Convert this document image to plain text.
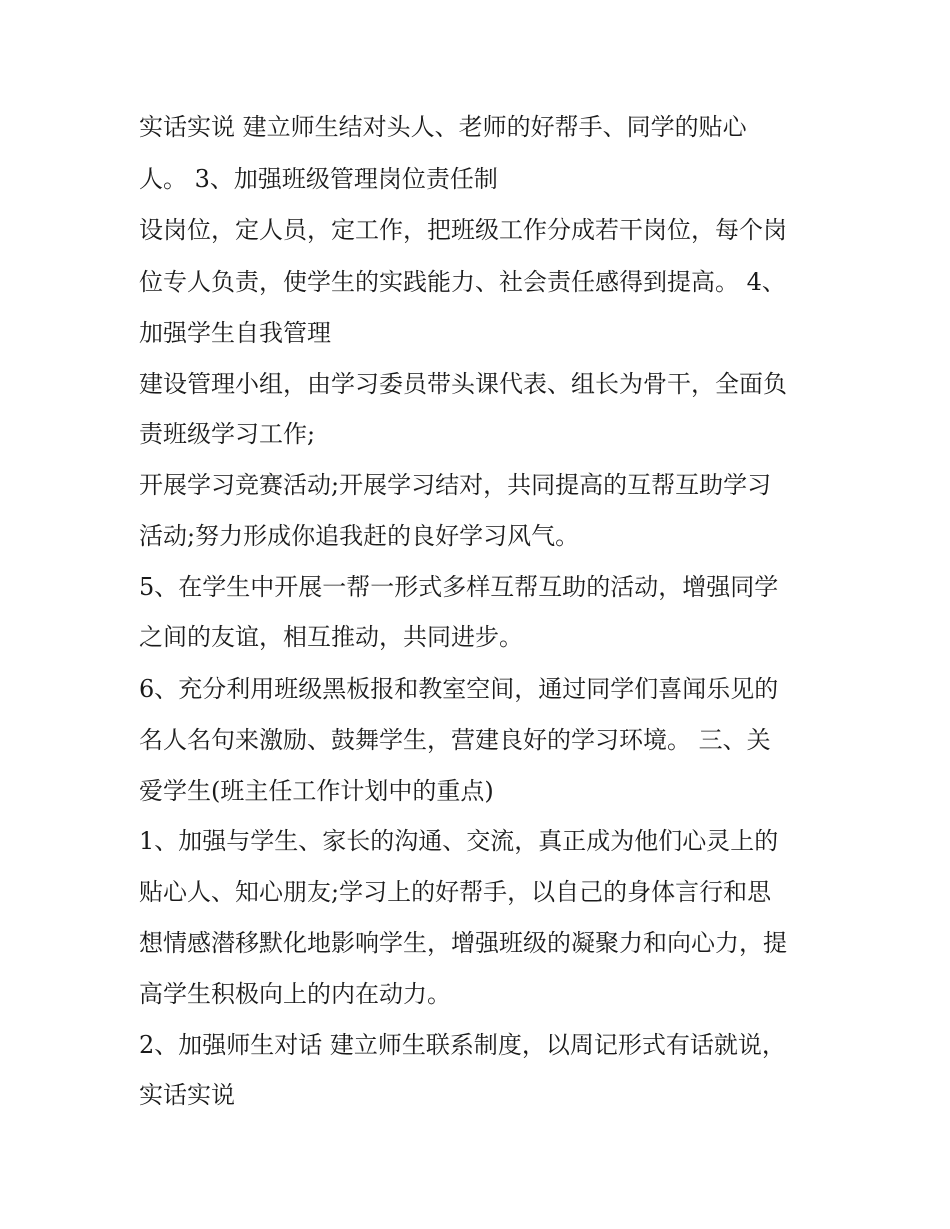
实话实说 建立师生结对头人、老师的好帮手、同学的贴心
人。 3、加强班级管理岗位责任制
设岗位，定人员，定工作，把班级工作分成若干岗位，每个岗
位专人负责，使学生的实践能力、社会责任感得到提高。 4、
加强学生自我管理
建设管理小组，由学习委员带头课代表、组长为骨干，全面负
责班级学习工作;
开展学习竞赛活动;开展学习结对，共同提高的互帮互助学习
活动;努力形成你追我赶的良好学习风气。
5、在学生中开展一帮一形式多样互帮互助的活动，增强同学
之间的友谊，相互推动，共同进步。
6、充分利用班级黑板报和教室空间，通过同学们喜闻乐见的
名人名句来激励、鼓舞学生，营建良好的学习环境。 三、关
爱学生(班主任工作计划中的重点)
1、加强与学生、家长的沟通、交流，真正成为他们心灵上的
贴心人、知心朋友;学习上的好帮手，以自己的身体言行和思
想情感潜移默化地影响学生，增强班级的凝聚力和向心力，提
高学生积极向上的内在动力。
2、加强师生对话 建立师生联系制度，以周记形式有话就说，
实话实说
